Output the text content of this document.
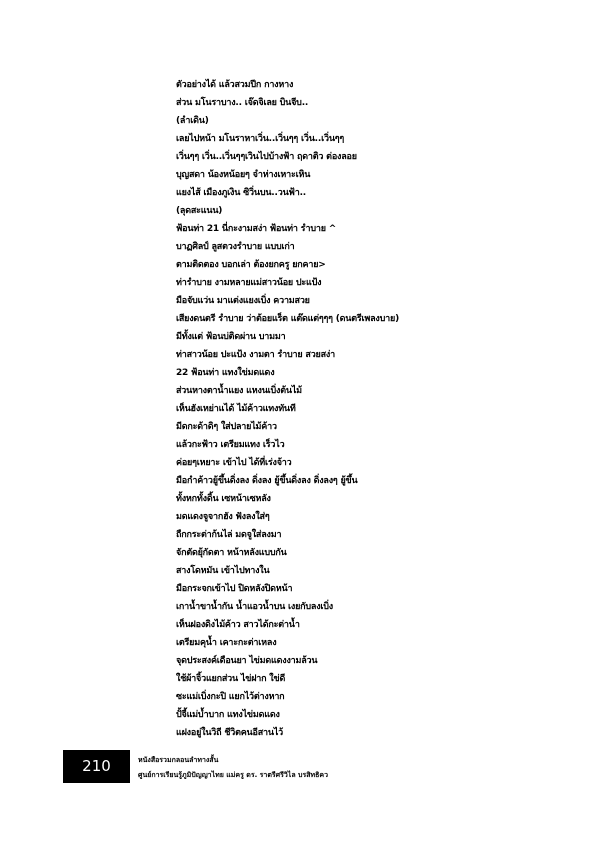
ตัวอย่างได้ แล้วสวมปีก กางหาง
ส่วน มโนราบาง.. เจ๊ดจิเลย บินจีบ..
(ลำเดิน)
เลยไปหน้า มโนราหาเวิ่น..เวิ่นๆๆ เวิ่น..เวิ่นๆๆ
เวิ่นๆๆ เวิ่น..เวิ่นๆๆเวินไปบ้างฟ้า ฤดาติว ต่องลอย
บุญสดา น้องหน้อยๆ จำห่างเหาะเหิน
แยงไส้ เมืองภูเงิน ซิวิ่นบน..วนฟ้า..
(ลุดสะแนน)
ฟ้อนท่า 21 นี่กะงามสง่า ฟ้อนท่า รำบาย ^
บาฏศิลป์ ลูสตวงรำบาย แบบเก่า
ตามติดตอง บอกเล่า ต้องยกครู ยกคาย>
ท่ารำบาย งามหลายแม่สาวน้อย ปะแป้ง
มือจับแว่น มาแต่งแยงเบิ่ง ความสวย
เสียงดนตรี รำบาย ว่าต้อยแร็ต แต๊ดแต่ๆๆๆ (ดนตรีเพลงบาย)
มีทั้งแต่ ฟ้อนบ่ติดผ่าน บามมา
ท่าสาวน้อย ปะแป้ง งามตา รำบาย สวยสง่า
22 ฟ้อนท่า แทงใข่มดแดง
ส่วนหางตาน้ำแยง แหงนเบิ่งต้นไม้
เห็นฮังเหย่าแได้ ไม้ค้าวแทงทันที
มีดกะด้าดิๆ ใส่ปลายไม้ค้าว
แล้วกะฟ้าว เตรียมแทง เร็วไว
ค่อยๆเหยาะ เข้าไป ได้ที่เร่งจ้าว
มือกำค้าวยู้ขึ้นดิ่งลง ดิ่งลง ยู้ขึ้นดิ่งลง ดิ่งลงๆ ยู้ขึ้น
ทั้งหกทั้งดิ้น เซหน้าเซหลัง
มดแดงจูจากฮัง ฟังลงใส่ๆ
ถืกกระต่าก้นไล่ มดจูใส่ลงมา
จักตัดยุ้กัดตา หน้าหลังแบบกัน
สางโดหมัน เข้าไปทางใน
มือกระจกเข้าไป ปิดหลังปิดหน้า
เกาน้ำขาน้ำกัน น้ำแอวน้ำบน เงยกับลงเบิ่ง
เห็นฝองดิงไม้ค้าว สาวได้กะต่าน้ำ
เตรียมคุน้ำ เคาะกะต่าเหลง
จุดประสงค์เดือนยา ไข่มดแดงงามล้วน
ใช้ผ้าจิ้วแยกส่วน ไข่ฝาก ใข่ดี
ซะแม่เบิ่งกะปิ แยกไว้ต่างหาก
ปั้จี้แม่บ้ำบาก แทงไข่มดแดง
แฝงอยู่ในวิถี ชีวิตคนอีสานไว้
210	หนังสือรวมกลอนลำทางสั้น
ศูนย์การเรียนรู้ภูมิปัญญาไทย แม่ครู ดร. ราตรีศรีวิไล บรสิทธิคว
